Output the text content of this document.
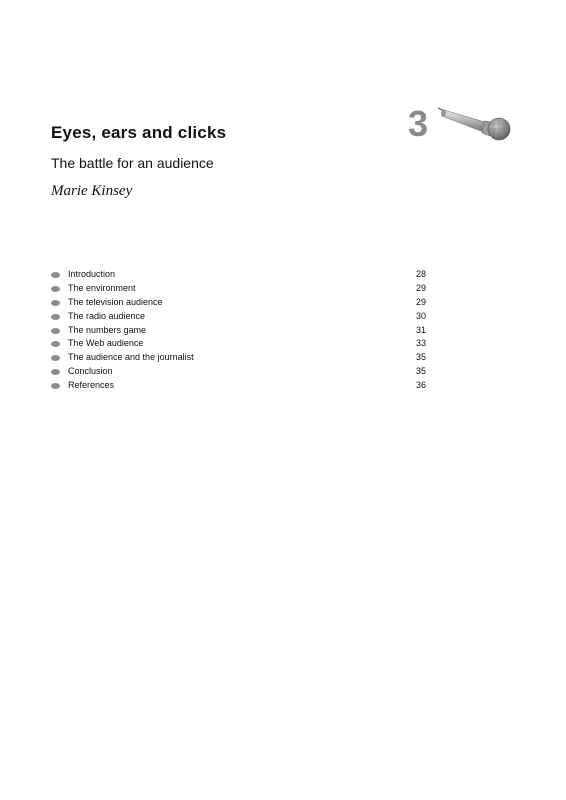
Eyes, ears and clicks

The battle for an audience

Marie Kinsey

3
Introduction	28
The environment	29
The television audience	29
The radio audience	30
The numbers game	31
The Web audience	33
The audience and the journalist	35
Conclusion	35
References	36
